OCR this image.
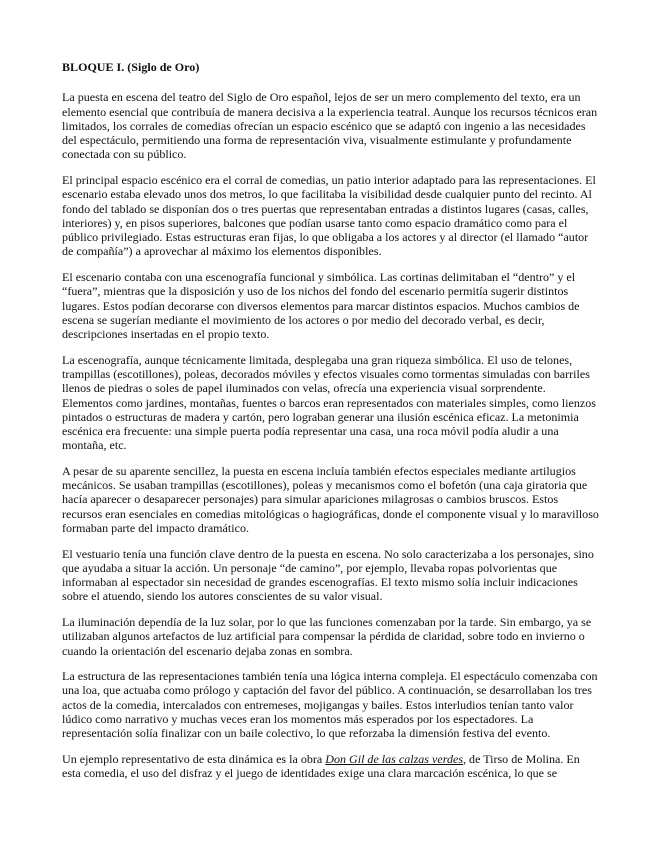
BLOQUE I. (Siglo de Oro)
La puesta en escena del teatro del Siglo de Oro español, lejos de ser un mero complemento del texto, era un elemento esencial que contribuía de manera decisiva a la experiencia teatral. Aunque los recursos técnicos eran limitados, los corrales de comedias ofrecían un espacio escénico que se adaptó con ingenio a las necesidades del espectáculo, permitiendo una forma de representación viva, visualmente estimulante y profundamente conectada con su público.
El principal espacio escénico era el corral de comedias, un patio interior adaptado para las representaciones. El escenario estaba elevado unos dos metros, lo que facilitaba la visibilidad desde cualquier punto del recinto. Al fondo del tablado se disponían dos o tres puertas que representaban entradas a distintos lugares (casas, calles, interiores) y, en pisos superiores, balcones que podían usarse tanto como espacio dramático como para el público privilegiado. Estas estructuras eran fijas, lo que obligaba a los actores y al director (el llamado “autor de compañía”) a aprovechar al máximo los elementos disponibles.
El escenario contaba con una escenografía funcional y simbólica. Las cortinas delimitaban el “dentro” y el “fuera”, mientras que la disposición y uso de los nichos del fondo del escenario permitía sugerir distintos lugares. Estos podían decorarse con diversos elementos para marcar distintos espacios. Muchos cambios de escena se sugerían mediante el movimiento de los actores o por medio del decorado verbal, es decir, descripciones insertadas en el propio texto.
La escenografía, aunque técnicamente limitada, desplegaba una gran riqueza simbólica. El uso de telones, trampillas (escotillones), poleas, decorados móviles y efectos visuales como tormentas simuladas con barriles llenos de piedras o soles de papel iluminados con velas, ofrecía una experiencia visual sorprendente. Elementos como jardines, montañas, fuentes o barcos eran representados con materiales simples, como lienzos pintados o estructuras de madera y cartón, pero lograban generar una ilusión escénica eficaz. La metonimia escénica era frecuente: una simple puerta podía representar una casa, una roca móvil podía aludir a una montaña, etc.
A pesar de su aparente sencillez, la puesta en escena incluía también efectos especiales mediante artilugios mecánicos. Se usaban trampillas (escotillones), poleas y mecanismos como el bofetón (una caja giratoria que hacía aparecer o desaparecer personajes) para simular apariciones milagrosas o cambios bruscos. Estos recursos eran esenciales en comedias mitológicas o hagiográficas, donde el componente visual y lo maravilloso formaban parte del impacto dramático.
El vestuario tenía una función clave dentro de la puesta en escena. No solo caracterizaba a los personajes, sino que ayudaba a situar la acción. Un personaje “de camino”, por ejemplo, llevaba ropas polvorientas que informaban al espectador sin necesidad de grandes escenografías. El texto mismo solía incluir indicaciones sobre el atuendo, siendo los autores conscientes de su valor visual.
La iluminación dependía de la luz solar, por lo que las funciones comenzaban por la tarde. Sin embargo, ya se utilizaban algunos artefactos de luz artificial para compensar la pérdida de claridad, sobre todo en invierno o cuando la orientación del escenario dejaba zonas en sombra.
La estructura de las representaciones también tenía una lógica interna compleja. El espectáculo comenzaba con una loa, que actuaba como prólogo y captación del favor del público. A continuación, se desarrollaban los tres actos de la comedia, intercalados con entremeses, mojigangas y bailes. Estos interludios tenían tanto valor lúdico como narrativo y muchas veces eran los momentos más esperados por los espectadores. La representación solía finalizar con un baile colectivo, lo que reforzaba la dimensión festiva del evento.
Un ejemplo representativo de esta dinámica es la obra Don Gil de las calzas verdes, de Tirso de Molina. En esta comedia, el uso del disfraz y el juego de identidades exige una clara marcación escénica, lo que se
